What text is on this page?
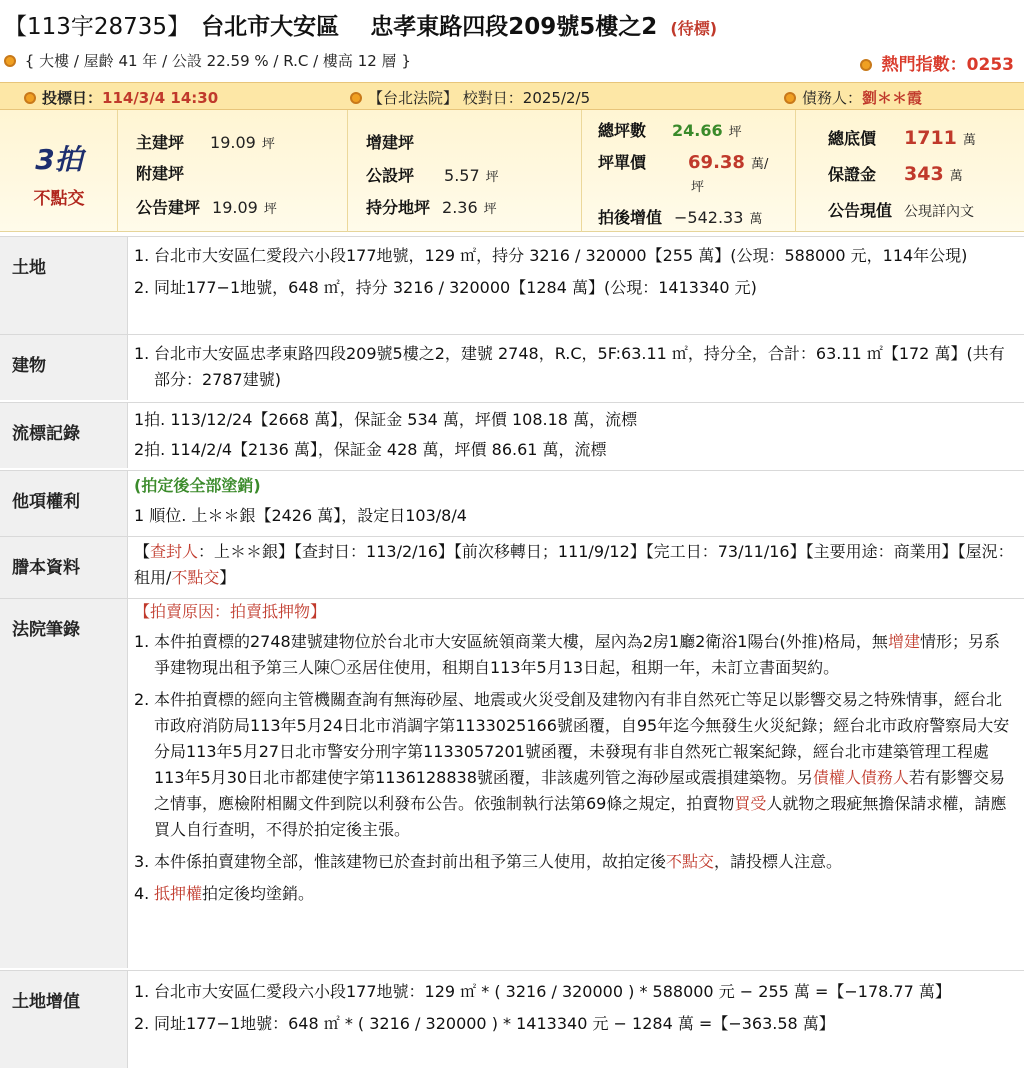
【113宇28735】 台北市大安區 忠孝東路四段209號5樓之2 (待標)
{ 大樓 / 屋齡 41 年 / 公設 22.59 % / R.C / 樓高 12 層 }	熱門指數：0253
投標日：114/3/4 14:30	【台北法院】 校對日：2025/2/5	債務人：劉＊＊霞
3拍
不點交
主建坪 19.09 坪
附建坪
公告建坪 19.09 坪
增建坪
公設坪 5.57 坪
持分地坪 2.36 坪
總坪數 24.66 坪
坪單價 69.38 萬/
坪
拍後增值 −542.33 萬
總底價 1711 萬
保證金 343 萬
公告現值 公現詳內文
土地
1. 台北市大安區仁愛段六小段177地號，129 ㎡，持分 3216 / 320000【255 萬】(公現：588000 元，114年公現)
2. 同址177−1地號，648 ㎡，持分 3216 / 320000【1284 萬】(公現：1413340 元)
建物
1. 台北市大安區忠孝東路四段209號5樓之2，建號 2748，R.C，5F:63.11 ㎡，持分全，合計：63.11 ㎡【172 萬】(共有部分：2787建號)
流標記錄
1拍. 113/12/24【2668 萬】，保証金 534 萬，坪價 108.18 萬，流標
2拍. 114/2/4【2136 萬】，保証金 428 萬，坪價 86.61 萬，流標
他項權利
(拍定後全部塗銷)
1 順位. 上＊＊銀【2426 萬】，設定日103/8/4
謄本資料
【查封人：上＊＊銀】【查封日：113/2/16】【前次移轉日；111/9/12】【完工日：73/11/16】【主要用途：商業用】【屋況：租用/不點交】
法院筆錄
【拍賣原因：拍賣抵押物】
1. 本件拍賣標的2748建號建物位於台北市大安區統領商業大樓，屋內為2房1廳2衛浴1陽台(外推)格局，無增建情形；另系爭建物現出租予第三人陳〇丞居住使用，租期自113年5月13日起，租期一年，未訂立書面契約。
2. 本件拍賣標的經向主管機關查詢有無海砂屋、地震或火災受創及建物內有非自然死亡等足以影響交易之特殊情事，經台北市政府消防局113年5月24日北市消調字第1133025166號函覆，自95年迄今無發生火災紀錄；經台北市政府警察局大安分局113年5月27日北市警安分刑字第1133057201號函覆，未發現有非自然死亡報案紀錄，經台北市建築管理工程處113年5月30日北市都建使字第1136128838號函覆，非該處列管之海砂屋或震損建築物。另債權人債務人若有影響交易之情事，應檢附相關文件到院以利發布公告。依強制執行法第69條之規定，拍賣物買受人就物之瑕疵無擔保請求權，請應買人自行查明，不得於拍定後主張。
3. 本件係拍賣建物全部，惟該建物已於查封前出租予第三人使用，故拍定後不點交，請投標人注意。
4. 抵押權拍定後均塗銷。
土地增值
1. 台北市大安區仁愛段六小段177地號：129 ㎡ * ( 3216 / 320000 ) * 588000 元 − 255 萬 =【−178.77 萬】
2. 同址177−1地號：648 ㎡ * ( 3216 / 320000 ) * 1413340 元 − 1284 萬 =【−363.58 萬】
